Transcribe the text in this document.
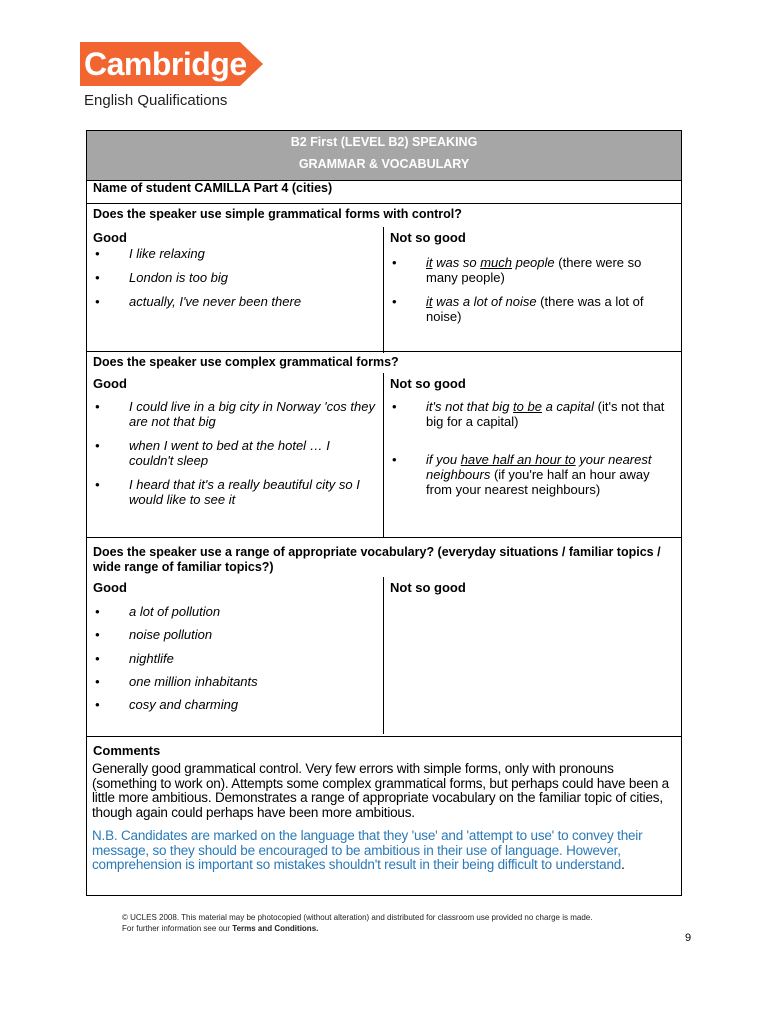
Cambridge
English Qualifications
B2 First (LEVEL B2) SPEAKING
GRAMMAR & VOCABULARY
Name of student CAMILLA Part 4 (cities)
Does the speaker use simple grammatical forms with control?
Good
• I like relaxing
• London is too big
• actually, I've never been there
Not so good
• it was so much people (there were so many people)
• it was a lot of noise (there was a lot of noise)
Does the speaker use complex grammatical forms?
Good
• I could live in a big city in Norway 'cos they are not that big
• when I went to bed at the hotel … I couldn't sleep
• I heard that it's a really beautiful city so I would like to see it
Not so good
• it's not that big to be a capital (it's not that big for a capital)
• if you have half an hour to your nearest neighbours (if you're half an hour away from your nearest neighbours)
Does the speaker use a range of appropriate vocabulary? (everyday situations / familiar topics / wide range of familiar topics?)
Good
• a lot of pollution
• noise pollution
• nightlife
• one million inhabitants
• cosy and charming
Not so good
Comments
Generally good grammatical control. Very few errors with simple forms, only with pronouns (something to work on). Attempts some complex grammatical forms, but perhaps could have been a little more ambitious. Demonstrates a range of appropriate vocabulary on the familiar topic of cities, though again could perhaps have been more ambitious.
N.B. Candidates are marked on the language that they 'use' and 'attempt to use' to convey their message, so they should be encouraged to be ambitious in their use of language. However, comprehension is important so mistakes shouldn't result in their being difficult to understand.
© UCLES 2008. This material may be photocopied (without alteration) and distributed for classroom use provided no charge is made.
For further information see our Terms and Conditions.
9
